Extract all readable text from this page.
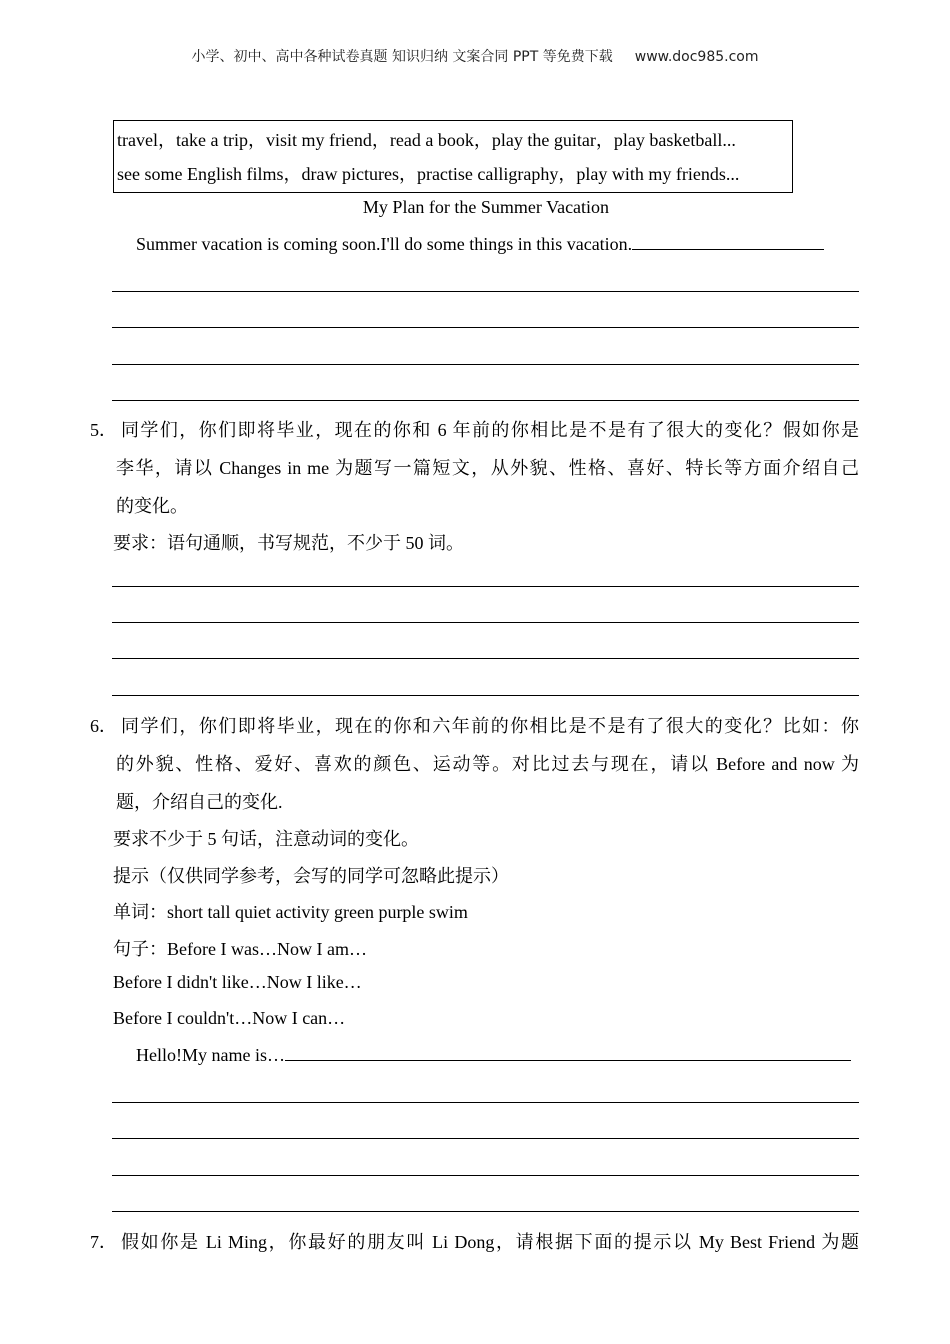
小学、初中、高中各种试卷真题 知识归纳 文案合同 PPT 等免费下载 www.doc985.com
travel，take a trip，visit my friend，read a book，play the guitar，play basketball...
see some English films，draw pictures，practise calligraphy，play with my friends...
My Plan for the Summer Vacation
Summer vacation is coming soon.I'll do some things in this vacation.
5． 同学们，你们即将毕业，现在的你和 6 年前的你相比是不是有了很大的变化？假如你是
李华，请以 Changes in me 为题写一篇短文，从外貌、性格、喜好、特长等方面介绍自己
的变化。
要求：语句通顺，书写规范，不少于 50 词。
6． 同学们，你们即将毕业，现在的你和六年前的你相比是不是有了很大的变化？比如：你
的外貌、性格、爱好、喜欢的颜色、运动等。对比过去与现在，请以 Before and now 为
题，介绍自己的变化.
要求不少于 5 句话，注意动词的变化。
提示（仅供同学参考，会写的同学可忽略此提示）
单词：short tall quiet activity green purple swim
句子：Before I was…Now I am…
Before I didn't like…Now I like…
Before I couldn't…Now I can…
Hello!My name is…
7． 假如你是 Li Ming，你最好的朋友叫 Li Dong，请根据下面的提示以 My Best Friend 为题
